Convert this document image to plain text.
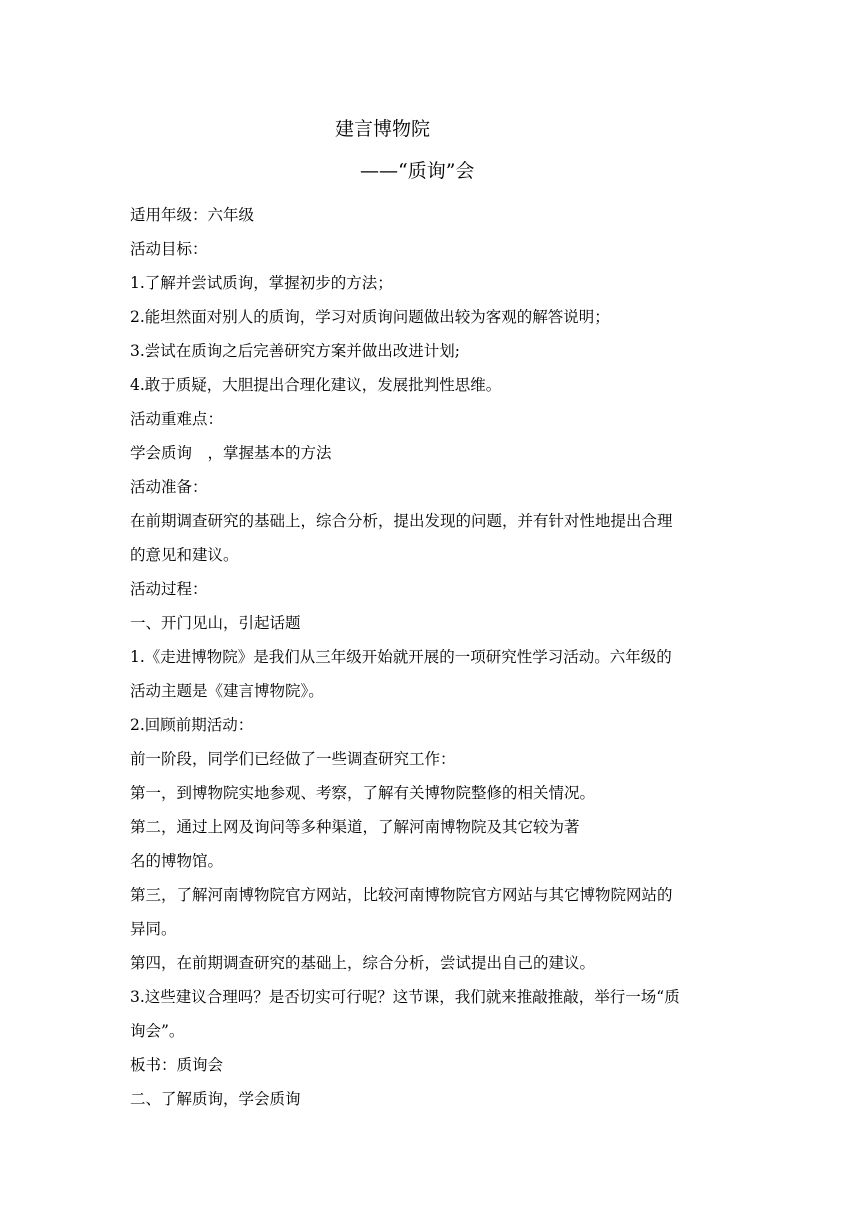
建言博物院
——“质询”会
适用年级：六年级
活动目标：
1.了解并尝试质询，掌握初步的方法；
2.能坦然面对别人的质询，学习对质询问题做出较为客观的解答说明；
3.尝试在质询之后完善研究方案并做出改进计划;
4.敢于质疑，大胆提出合理化建议，发展批判性思维。
活动重难点：
学会质询　，掌握基本的方法
活动准备：
在前期调查研究的基础上，综合分析，提出发现的问题，并有针对性地提出合理
的意见和建议。
活动过程：
一、开门见山，引起话题
1.《走进博物院》是我们从三年级开始就开展的一项研究性学习活动。六年级的
活动主题是《建言博物院》。
2.回顾前期活动：
前一阶段，同学们已经做了一些调查研究工作：
第一，到博物院实地参观、考察，了解有关博物院整修的相关情况。
第二，通过上网及询问等多种渠道，了解河南博物院及其它较为著
名的博物馆。
第三，了解河南博物院官方网站，比较河南博物院官方网站与其它博物院网站的
异同。
第四，在前期调查研究的基础上，综合分析，尝试提出自己的建议。
3.这些建议合理吗？是否切实可行呢？这节课，我们就来推敲推敲，举行一场“质
询会”。
板书：质询会
二、了解质询，学会质询
